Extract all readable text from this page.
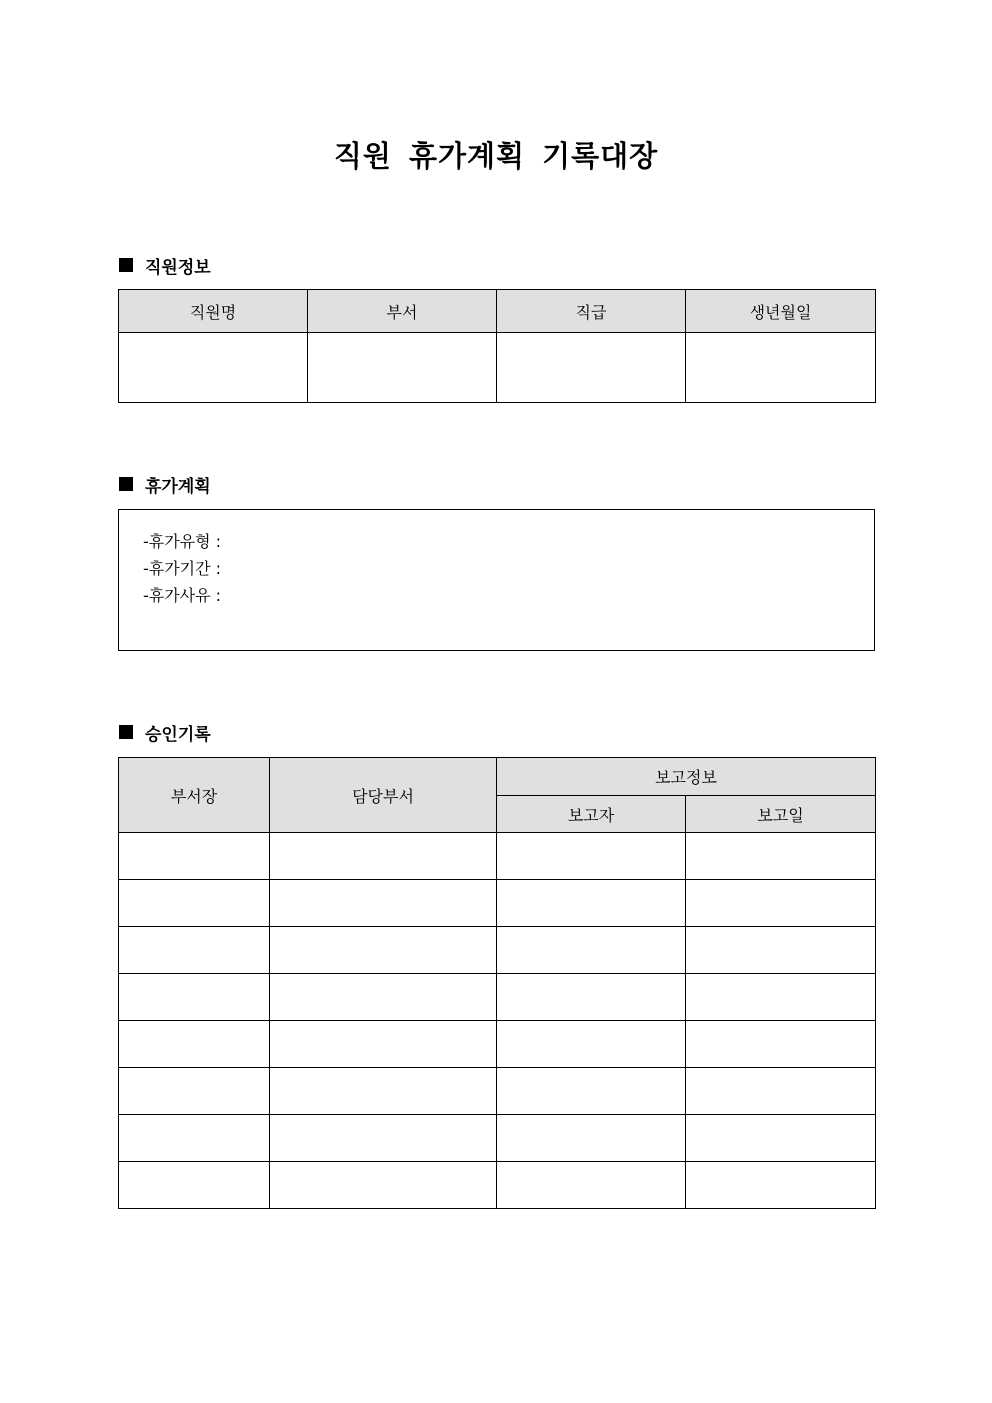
직원 휴가계획 기록대장
직원정보
직원명	부서	직급	생년월일

휴가계획
-휴가유형 :
-휴가기간 :
-휴가사유 :
승인기록
부서장	담당부서	보고정보	
		보고자	보고일
